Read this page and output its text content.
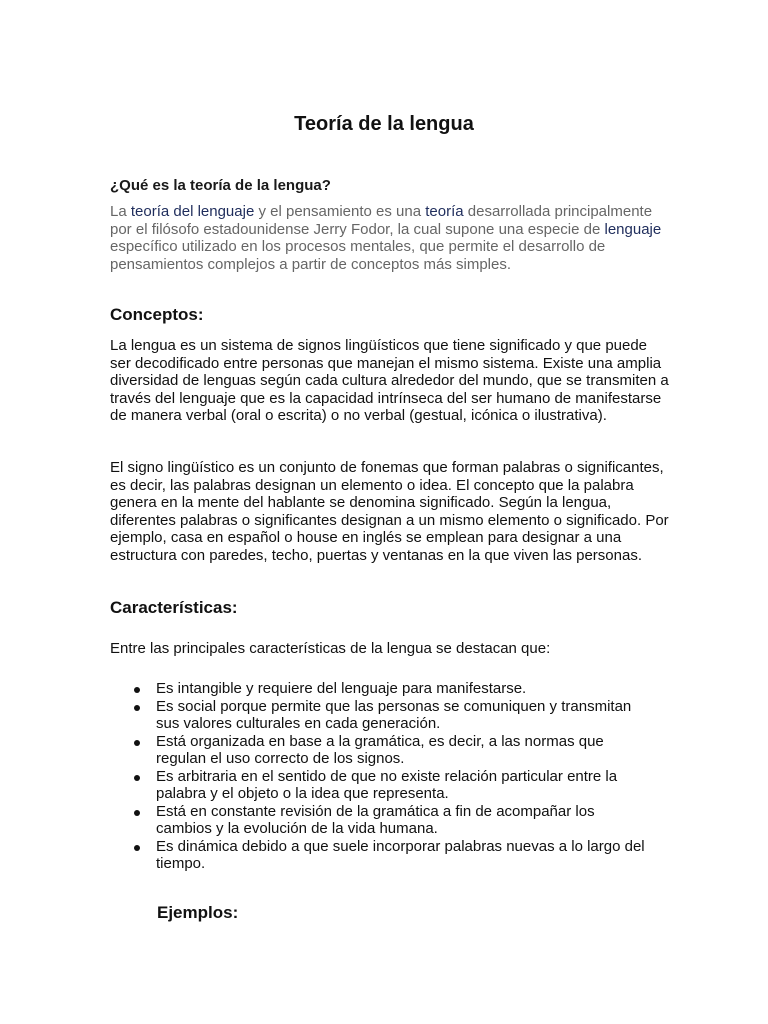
Teoría de la lengua
¿Qué es la teoría de la lengua?

La teoría del lenguaje y el pensamiento es una teoría desarrollada principalmente por el filósofo estadounidense Jerry Fodor, la cual supone una especie de lenguaje específico utilizado en los procesos mentales, que permite el desarrollo de pensamientos complejos a partir de conceptos más simples.

Conceptos:

La lengua es un sistema de signos lingüísticos que tiene significado y que puede ser decodificado entre personas que manejan el mismo sistema. Existe una amplia diversidad de lenguas según cada cultura alrededor del mundo, que se transmiten a través del lenguaje que es la capacidad intrínseca del ser humano de manifestarse de manera verbal (oral o escrita) o no verbal (gestual, icónica o ilustrativa).

El signo lingüístico es un conjunto de fonemas que forman palabras o significantes, es decir, las palabras designan un elemento o idea. El concepto que la palabra genera en la mente del hablante se denomina significado. Según la lengua, diferentes palabras o significantes designan a un mismo elemento o significado. Por ejemplo, casa en español o house en inglés se emplean para designar a una estructura con paredes, techo, puertas y ventanas en la que viven las personas.

Características:

Entre las principales características de la lengua se destacan que:

Es intangible y requiere del lenguaje para manifestarse.
Es social porque permite que las personas se comuniquen y transmitan sus valores culturales en cada generación.
Está organizada en base a la gramática, es decir, a las normas que regulan el uso correcto de los signos.
Es arbitraria en el sentido de que no existe relación particular entre la palabra y el objeto o la idea que representa.
Está en constante revisión de la gramática a fin de acompañar los cambios y la evolución de la vida humana.
Es dinámica debido a que suele incorporar palabras nuevas a lo largo del tiempo.
Ejemplos:
